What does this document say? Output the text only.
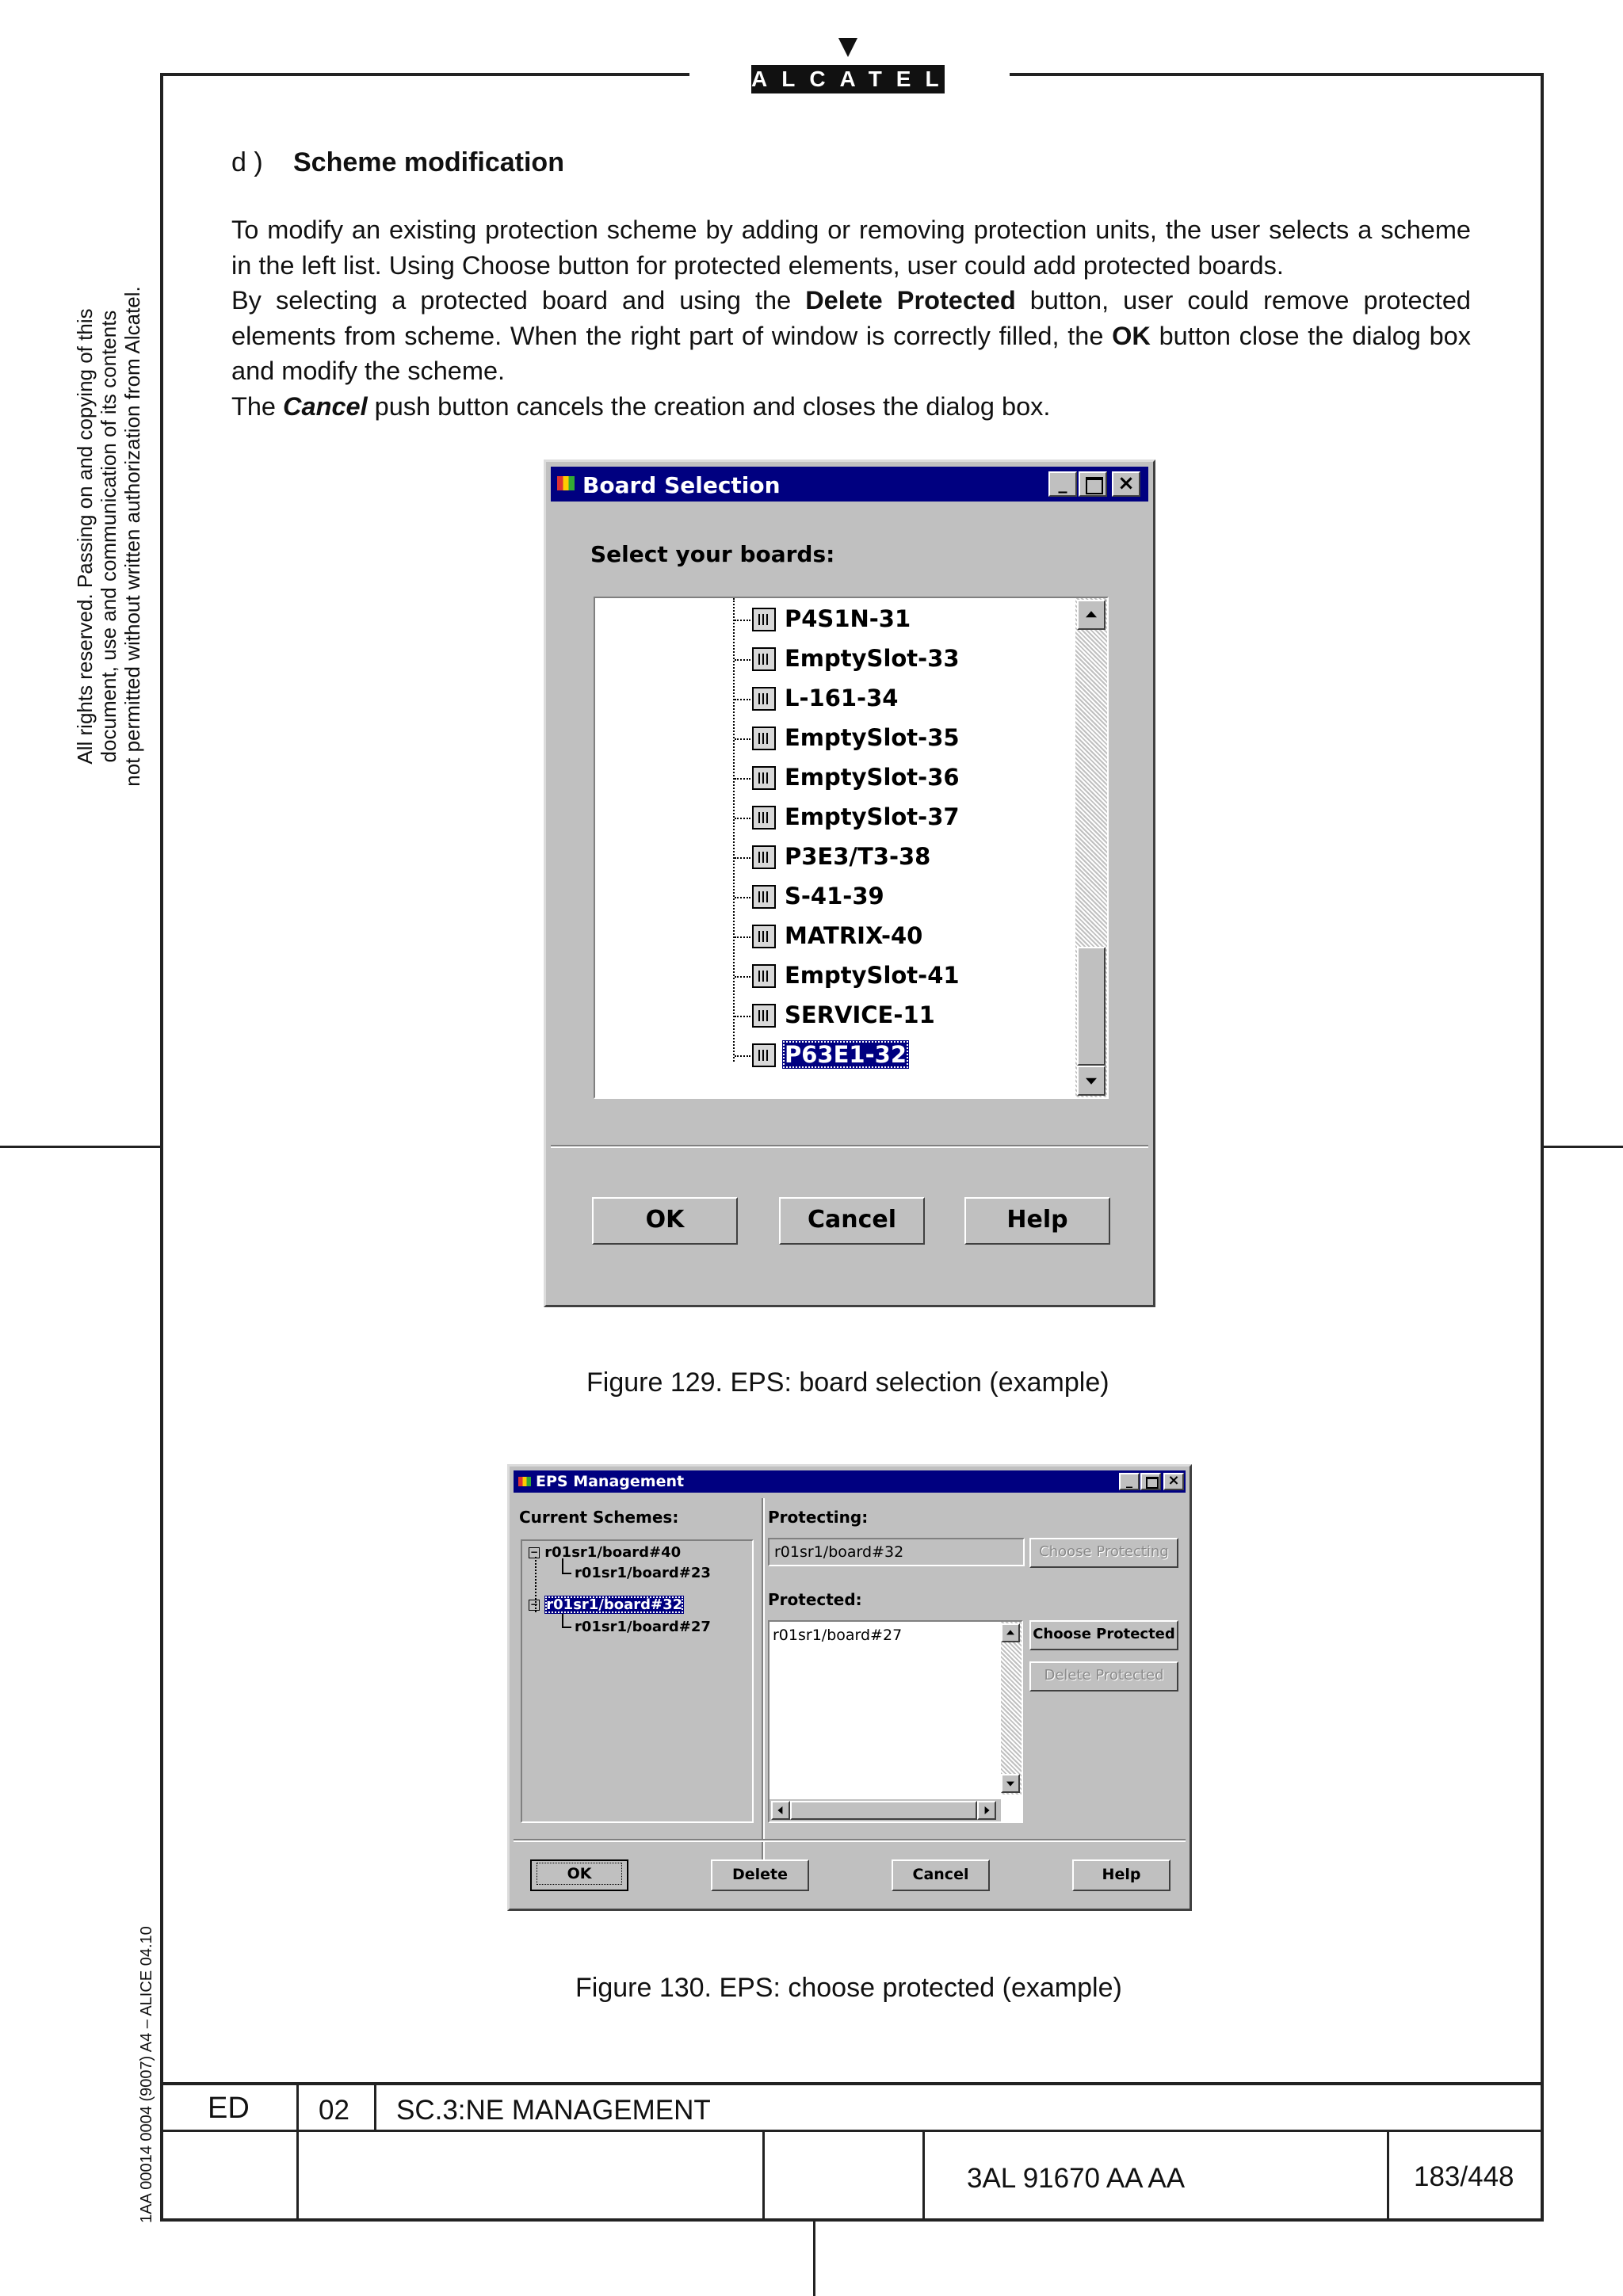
ALCATEL
All rights reserved. Passing on and copying of this document, use and communication of its contents not permitted without written authorization from Alcatel.
1AA 00014 0004 (9007) A4 – ALICE 04.10
d ) Scheme modification

To modify an existing protection scheme by adding or removing protection units, the user selects a scheme in the left list. Using Choose button for protected elements, user could add protected boards.

By selecting a protected board and using the Delete Protected button, user could remove protected elements from scheme. When the right part of window is correctly filled, the OK button close the dialog box and modify the scheme.

The Cancel push button cancels the creation and closes the dialog box.

Board Selection	_	×
Select your boards:
P4S1N-31
EmptySlot-33
L-161-34
EmptySlot-35
EmptySlot-36
EmptySlot-37
P3E3/T3-38
S-41-39
MATRIX-40
EmptySlot-41
SERVICE-11
P63E1-32
OK	Cancel	Help
Figure 129. EPS: board selection (example)
EPS Management	_	×
Current Schemes:
− r01sr1/board#40
r01sr1/board#23
− r01sr1/board#32
r01sr1/board#27
Protecting:
r01sr1/board#32	Choose Protecting
Protected:
r01sr1/board#27	Choose Protected
Delete Protected
OK	Delete	Cancel	Help
Figure 130. EPS: choose protected (example)
ED 02 SC.3:NE MANAGEMENT
3AL 91670 AA AA	183/448
